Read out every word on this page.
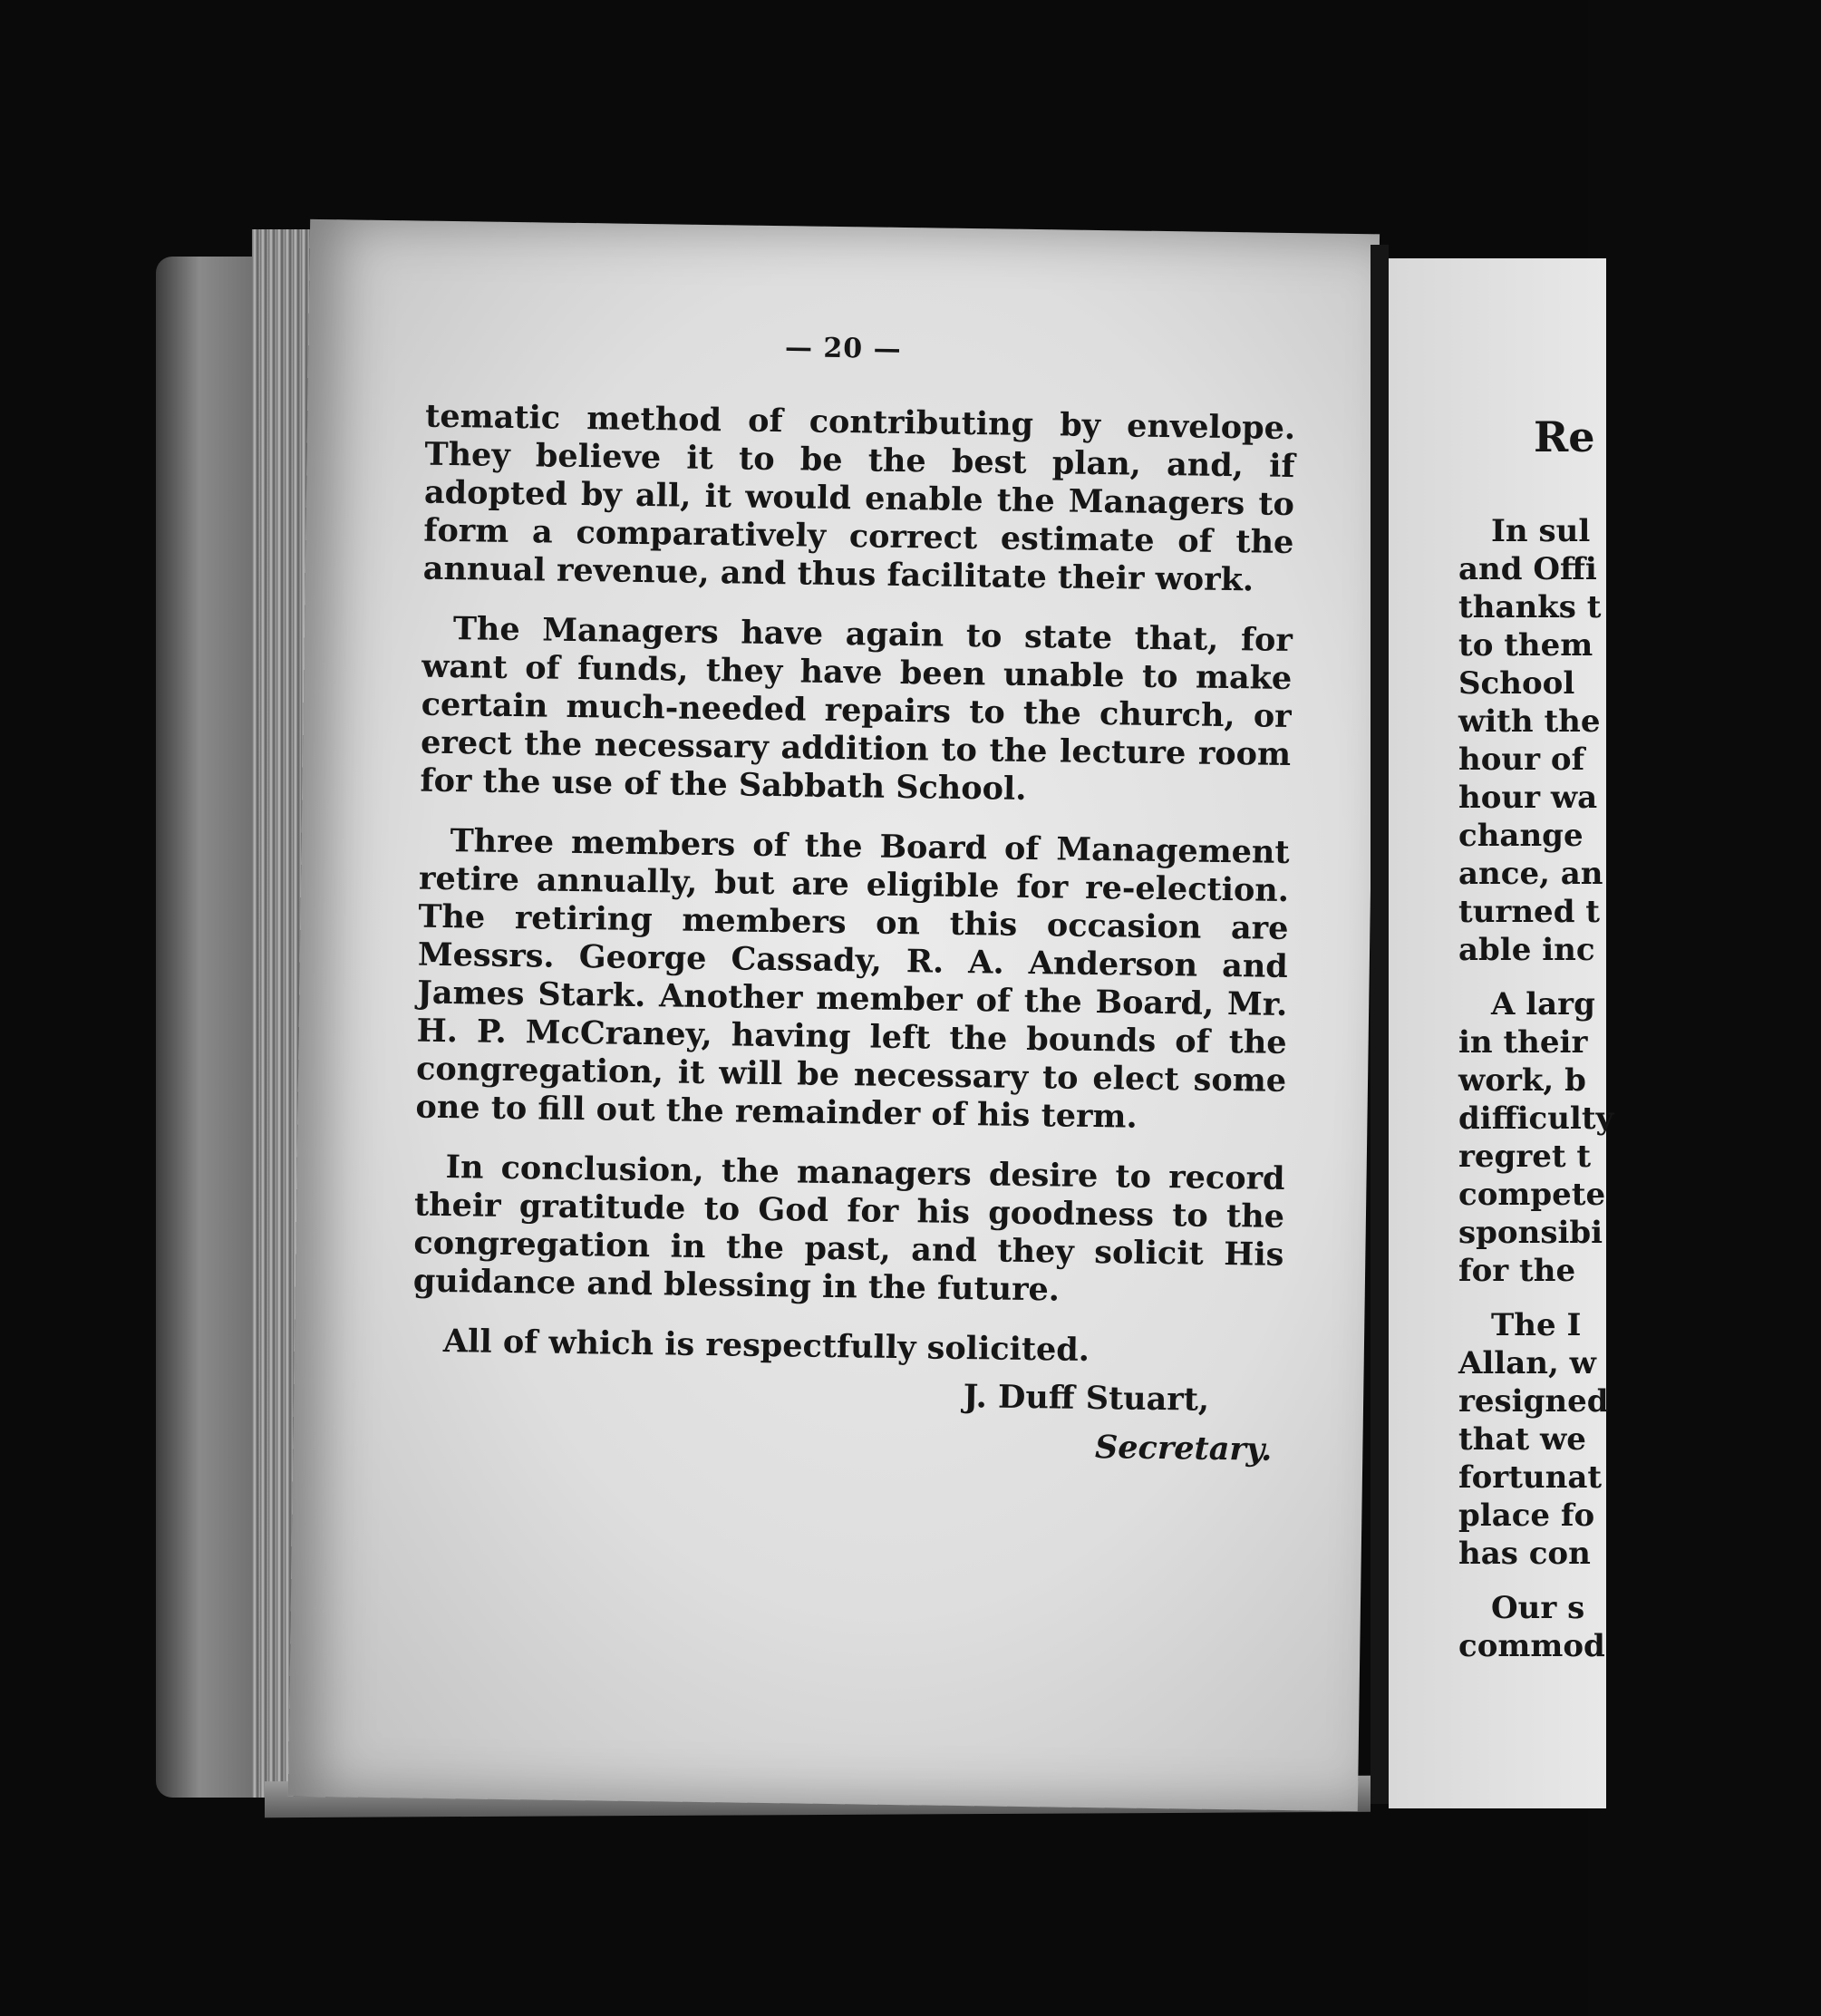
— 20 —

tematic method of contributing by envelope. They believe it to be the best plan, and, if adopted by all, it would enable the Managers to form a comparatively correct estimate of the annual revenue, and thus facilitate their work.

The Managers have again to state that, for want of funds, they have been unable to make certain much-needed repairs to the church, or erect the necessary addition to the lecture room for the use of the Sabbath School.

Three members of the Board of Management retire annually, but are eligible for re-election. The retiring members on this occasion are Messrs. George Cassady, R. A. Anderson and James Stark. Another member of the Board, Mr. H. P. McCraney, having left the bounds of the congregation, it will be necessary to elect some one to fill out the remainder of his term.

In conclusion, the managers desire to record their gratitude to God for his goodness to the congregation in the past, and they solicit His guidance and blessing in the future.

All of which is respectfully solicited.

J. Duff Stuart,
Secretary.
Re
In sul
and Offi
thanks t
to them
School
with the
hour of
hour wa
change
ance, an
turned t
able inc
A larg
in their
work, b
difficulty
regret t
compete
sponsibi
for the
The I
Allan, w
resigned
that we
fortunat
place fo
has con
Our s
commod
